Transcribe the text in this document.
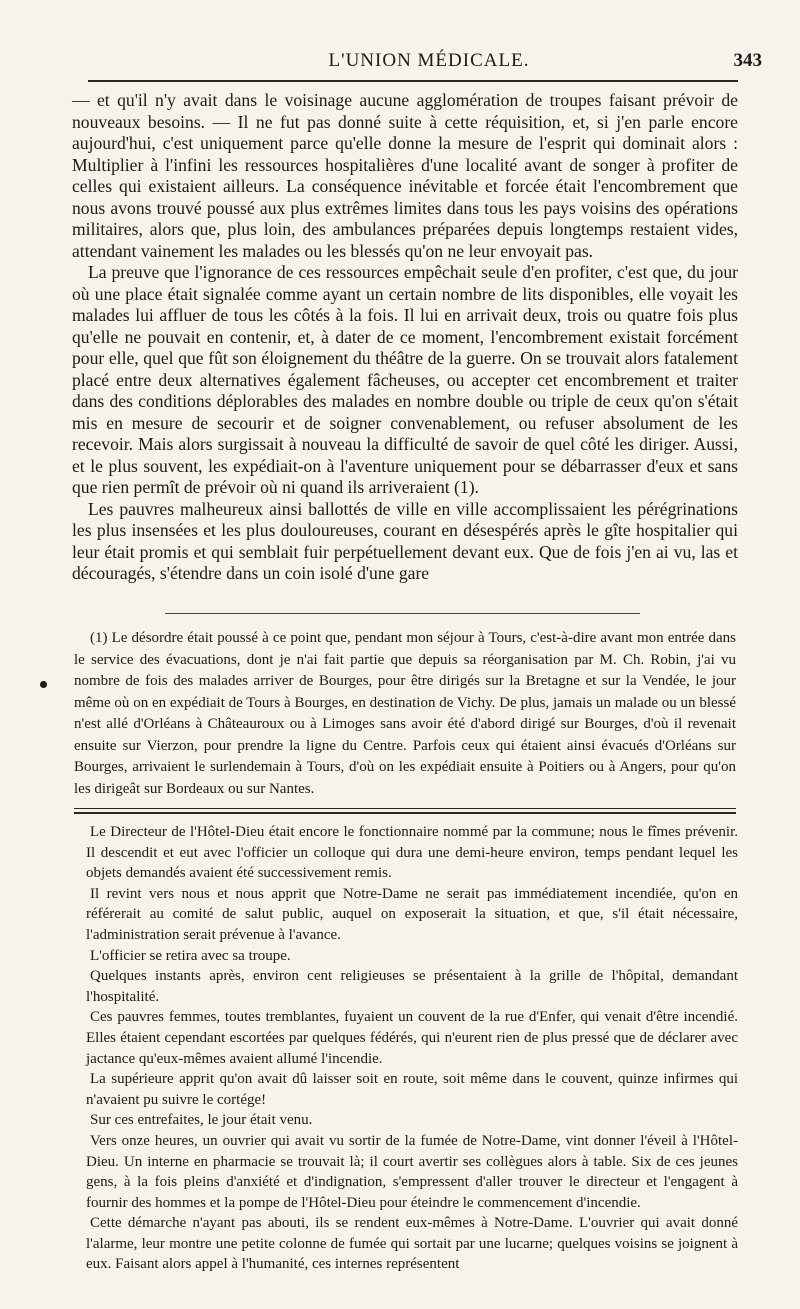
L'UNION MÉDICALE.	343

— et qu'il n'y avait dans le voisinage aucune agglomération de troupes faisant prévoir de nouveaux besoins. — Il ne fut pas donné suite à cette réquisition, et, si j'en parle encore aujourd'hui, c'est uniquement parce qu'elle donne la mesure de l'esprit qui dominait alors : Multiplier à l'infini les ressources hospitalières d'une localité avant de songer à profiter de celles qui existaient ailleurs. La conséquence inévitable et forcée était l'encombrement que nous avons trouvé poussé aux plus extrêmes limites dans tous les pays voisins des opérations militaires, alors que, plus loin, des ambulances préparées depuis longtemps restaient vides, attendant vainement les malades ou les blessés qu'on ne leur envoyait pas.

La preuve que l'ignorance de ces ressources empêchait seule d'en profiter, c'est que, du jour où une place était signalée comme ayant un certain nombre de lits disponibles, elle voyait les malades lui affluer de tous les côtés à la fois. Il lui en arrivait deux, trois ou quatre fois plus qu'elle ne pouvait en contenir, et, à dater de ce moment, l'encombrement existait forcément pour elle, quel que fût son éloignement du théâtre de la guerre. On se trouvait alors fatalement placé entre deux alternatives également fâcheuses, ou accepter cet encombrement et traiter dans des conditions déplorables des malades en nombre double ou triple de ceux qu'on s'était mis en mesure de secourir et de soigner convenablement, ou refuser absolument de les recevoir. Mais alors surgissait à nouveau la difficulté de savoir de quel côté les diriger. Aussi, et le plus souvent, les expédiait-on à l'aventure uniquement pour se débarrasser d'eux et sans que rien permît de prévoir où ni quand ils arriveraient (1).

Les pauvres malheureux ainsi ballottés de ville en ville accomplissaient les pérégrinations les plus insensées et les plus douloureuses, courant en désespérés après le gîte hospitalier qui leur était promis et qui semblait fuir perpétuellement devant eux. Que de fois j'en ai vu, las et découragés, s'étendre dans un coin isolé d'une gare

(1) Le désordre était poussé à ce point que, pendant mon séjour à Tours, c'est-à-dire avant mon entrée dans le service des évacuations, dont je n'ai fait partie que depuis sa réorganisation par M. Ch. Robin, j'ai vu nombre de fois des malades arriver de Bourges, pour être dirigés sur la Bretagne et sur la Vendée, le jour même où on en expédiait de Tours à Bourges, en destination de Vichy. De plus, jamais un malade ou un blessé n'est allé d'Orléans à Châteauroux ou à Limoges sans avoir été d'abord dirigé sur Bourges, d'où il revenait ensuite sur Vierzon, pour prendre la ligne du Centre. Parfois ceux qui étaient ainsi évacués d'Orléans sur Bourges, arrivaient le surlendemain à Tours, d'où on les expédiait ensuite à Poitiers ou à Angers, pour qu'on les dirigeât sur Bordeaux ou sur Nantes.

Le Directeur de l'Hôtel-Dieu était encore le fonctionnaire nommé par la commune; nous le fîmes prévenir. Il descendit et eut avec l'officier un colloque qui dura une demi-heure environ, temps pendant lequel les objets demandés avaient été successivement remis.

Il revint vers nous et nous apprit que Notre-Dame ne serait pas immédiatement incendiée, qu'on en référerait au comité de salut public, auquel on exposerait la situation, et que, s'il était nécessaire, l'administration serait prévenue à l'avance.

L'officier se retira avec sa troupe.

Quelques instants après, environ cent religieuses se présentaient à la grille de l'hôpital, demandant l'hospitalité.

Ces pauvres femmes, toutes tremblantes, fuyaient un couvent de la rue d'Enfer, qui venait d'être incendié. Elles étaient cependant escortées par quelques fédérés, qui n'eurent rien de plus pressé que de déclarer avec jactance qu'eux-mêmes avaient allumé l'incendie.

La supérieure apprit qu'on avait dû laisser soit en route, soit même dans le couvent, quinze infirmes qui n'avaient pu suivre le cortége!

Sur ces entrefaites, le jour était venu.

Vers onze heures, un ouvrier qui avait vu sortir de la fumée de Notre-Dame, vint donner l'éveil à l'Hôtel-Dieu. Un interne en pharmacie se trouvait là; il court avertir ses collègues alors à table. Six de ces jeunes gens, à la fois pleins d'anxiété et d'indignation, s'empressent d'aller trouver le directeur et l'engagent à fournir des hommes et la pompe de l'Hôtel-Dieu pour éteindre le commencement d'incendie.

Cette démarche n'ayant pas abouti, ils se rendent eux-mêmes à Notre-Dame. L'ouvrier qui avait donné l'alarme, leur montre une petite colonne de fumée qui sortait par une lucarne; quelques voisins se joignent à eux. Faisant alors appel à l'humanité, ces internes représentent
